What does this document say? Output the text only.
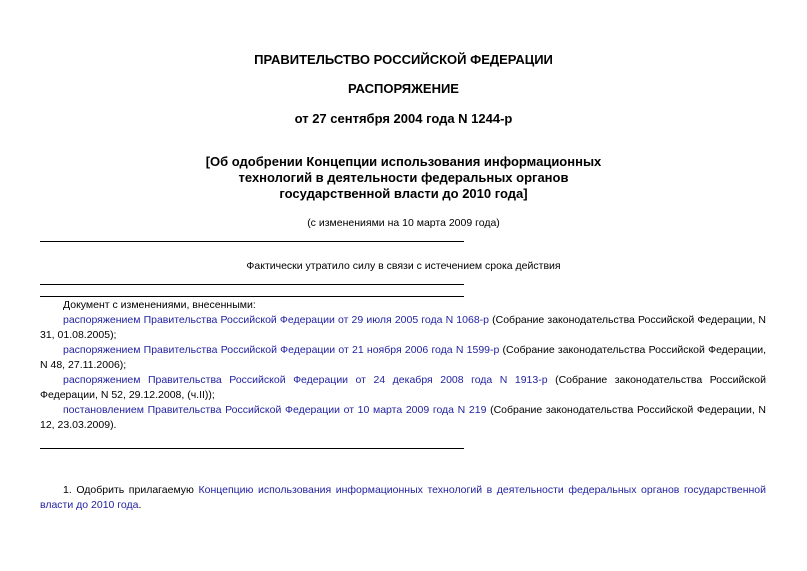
ПРАВИТЕЛЬСТВО РОССИЙСКОЙ ФЕДЕРАЦИИ
РАСПОРЯЖЕНИЕ
от 27 сентября 2004 года N 1244-р
[Об одобрении Концепции использования информационных
технологий в деятельности федеральных органов
государственной власти до 2010 года]
(с изменениями на 10 марта 2009 года)
Фактически утратило силу в связи с истечением срока действия
Документ с изменениями, внесенными:
распоряжением Правительства Российской Федерации от 29 июля 2005 года N 1068-р (Собрание законодательства Российской Федерации, N 31, 01.08.2005);
распоряжением Правительства Российской Федерации от 21 ноября 2006 года N 1599-р (Собрание законодательства Российской Федерации, N 48, 27.11.2006);
распоряжением Правительства Российской Федерации от 24 декабря 2008 года N 1913-р (Собрание законодательства Российской Федерации, N 52, 29.12.2008, (ч.II));
постановлением Правительства Российской Федерации от 10 марта 2009 года N 219 (Собрание законодательства Российской Федерации, N 12, 23.03.2009).
1. Одобрить прилагаемую Концепцию использования информационных технологий в деятельности федеральных органов государственной власти до 2010 года.
